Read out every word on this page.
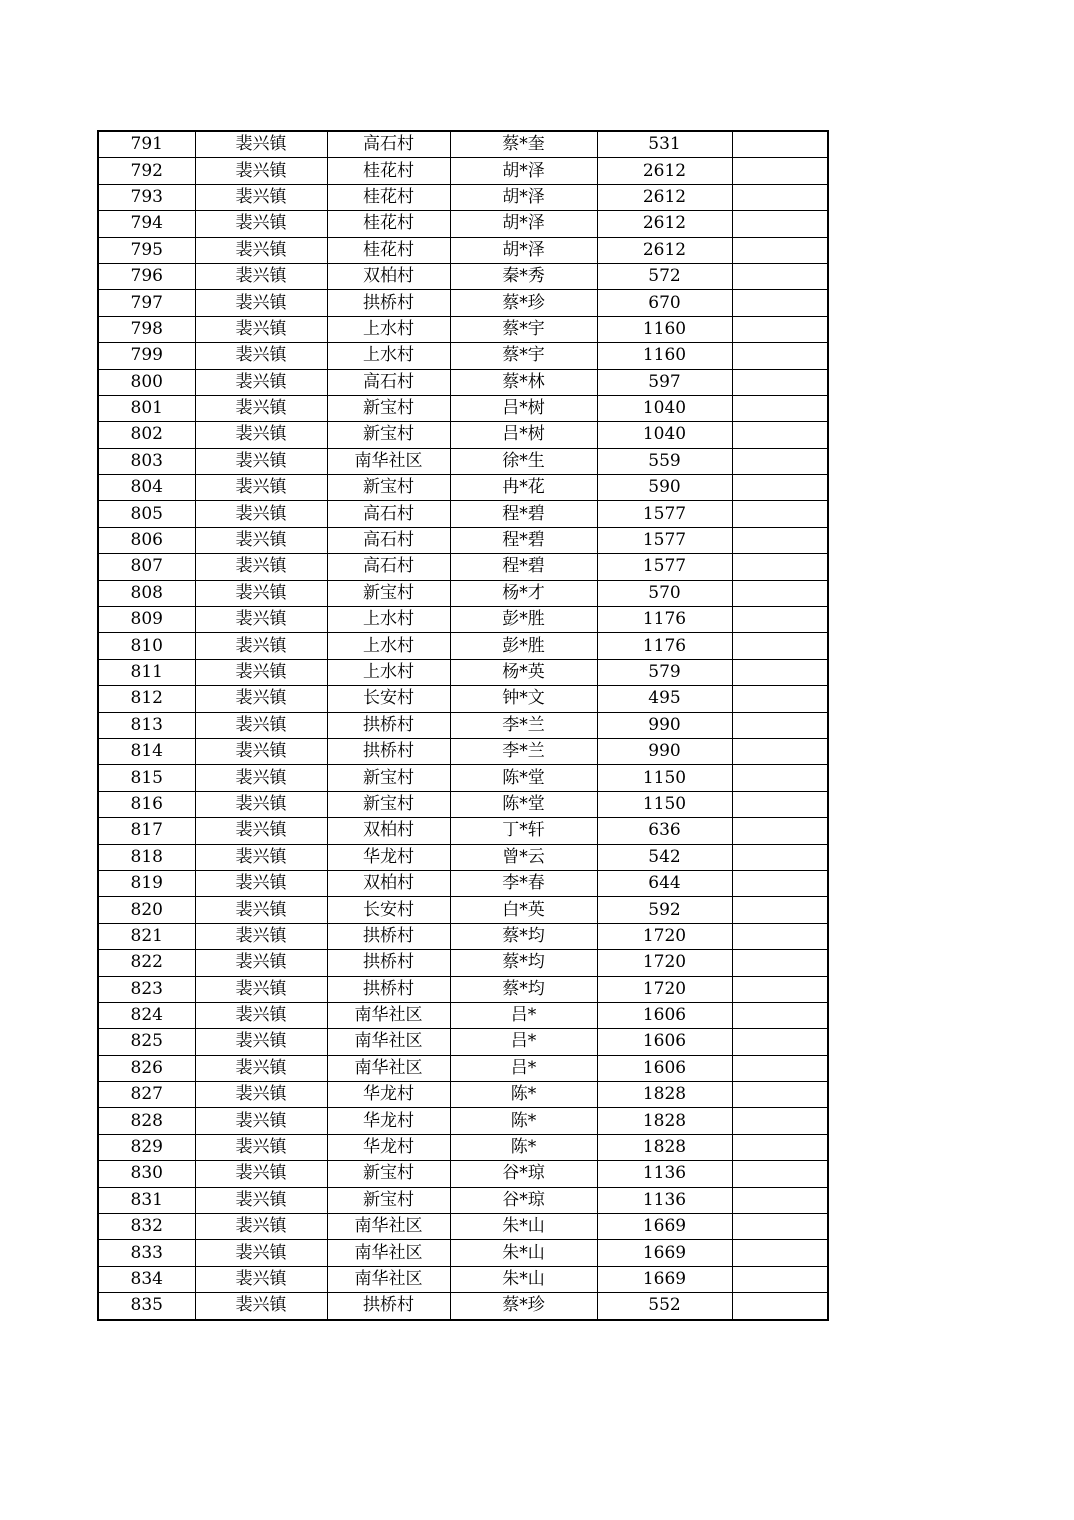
791	裴兴镇	高石村	蔡*奎	531	
792	裴兴镇	桂花村	胡*泽	2612	
793	裴兴镇	桂花村	胡*泽	2612	
794	裴兴镇	桂花村	胡*泽	2612	
795	裴兴镇	桂花村	胡*泽	2612	
796	裴兴镇	双柏村	秦*秀	572	
797	裴兴镇	拱桥村	蔡*珍	670	
798	裴兴镇	上水村	蔡*宇	1160	
799	裴兴镇	上水村	蔡*宇	1160	
800	裴兴镇	高石村	蔡*林	597	
801	裴兴镇	新宝村	吕*树	1040	
802	裴兴镇	新宝村	吕*树	1040	
803	裴兴镇	南华社区	徐*生	559	
804	裴兴镇	新宝村	冉*花	590	
805	裴兴镇	高石村	程*碧	1577	
806	裴兴镇	高石村	程*碧	1577	
807	裴兴镇	高石村	程*碧	1577	
808	裴兴镇	新宝村	杨*才	570	
809	裴兴镇	上水村	彭*胜	1176	
810	裴兴镇	上水村	彭*胜	1176	
811	裴兴镇	上水村	杨*英	579	
812	裴兴镇	长安村	钟*文	495	
813	裴兴镇	拱桥村	李*兰	990	
814	裴兴镇	拱桥村	李*兰	990	
815	裴兴镇	新宝村	陈*堂	1150	
816	裴兴镇	新宝村	陈*堂	1150	
817	裴兴镇	双柏村	丁*轩	636	
818	裴兴镇	华龙村	曾*云	542	
819	裴兴镇	双柏村	李*春	644	
820	裴兴镇	长安村	白*英	592	
821	裴兴镇	拱桥村	蔡*均	1720	
822	裴兴镇	拱桥村	蔡*均	1720	
823	裴兴镇	拱桥村	蔡*均	1720	
824	裴兴镇	南华社区	吕*	1606	
825	裴兴镇	南华社区	吕*	1606	
826	裴兴镇	南华社区	吕*	1606	
827	裴兴镇	华龙村	陈*	1828	
828	裴兴镇	华龙村	陈*	1828	
829	裴兴镇	华龙村	陈*	1828	
830	裴兴镇	新宝村	谷*琼	1136	
831	裴兴镇	新宝村	谷*琼	1136	
832	裴兴镇	南华社区	朱*山	1669	
833	裴兴镇	南华社区	朱*山	1669	
834	裴兴镇	南华社区	朱*山	1669	
835	裴兴镇	拱桥村	蔡*珍	552	
